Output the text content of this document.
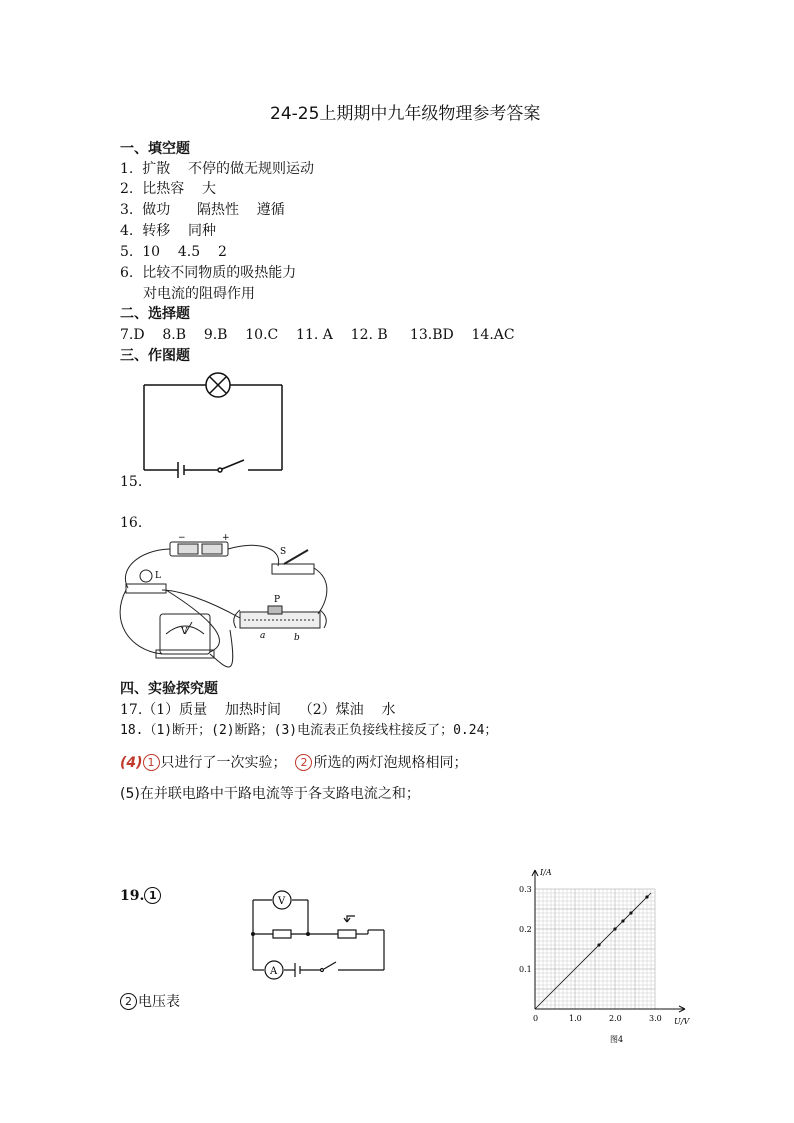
24-25上期期中九年级物理参考答案
一、填空题
1.  扩散    不停的做无规则运动
2.  比热容    大
3.  做功      隔热性    遵循
4.  转移    同种
5.  10    4.5    2
6.  比较不同物质的吸热能力
对电流的阻碍作用
二、选择题
7.D    8.B    9.B    10.C    11. A    12. B     13.BD    14.AC
三、作图题
15.
16.
−	+
S
L
P
a	b
V
四、实验探究题
17.（1）质量    加热时间    （2）煤油    水
18.（1)断开；(2)断路；(3)电流表正负接线柱接反了；0.24；
(4) 1 只进行了一次实验； 2 所选的两灯泡规格相同；
(5)在并联电路中干路电流等于各支路电流之和；
19. 1	V
A
2 电压表
0	1.0	2.0	3.0
0.1
0.2
0.3
I/A
U/V
图4
